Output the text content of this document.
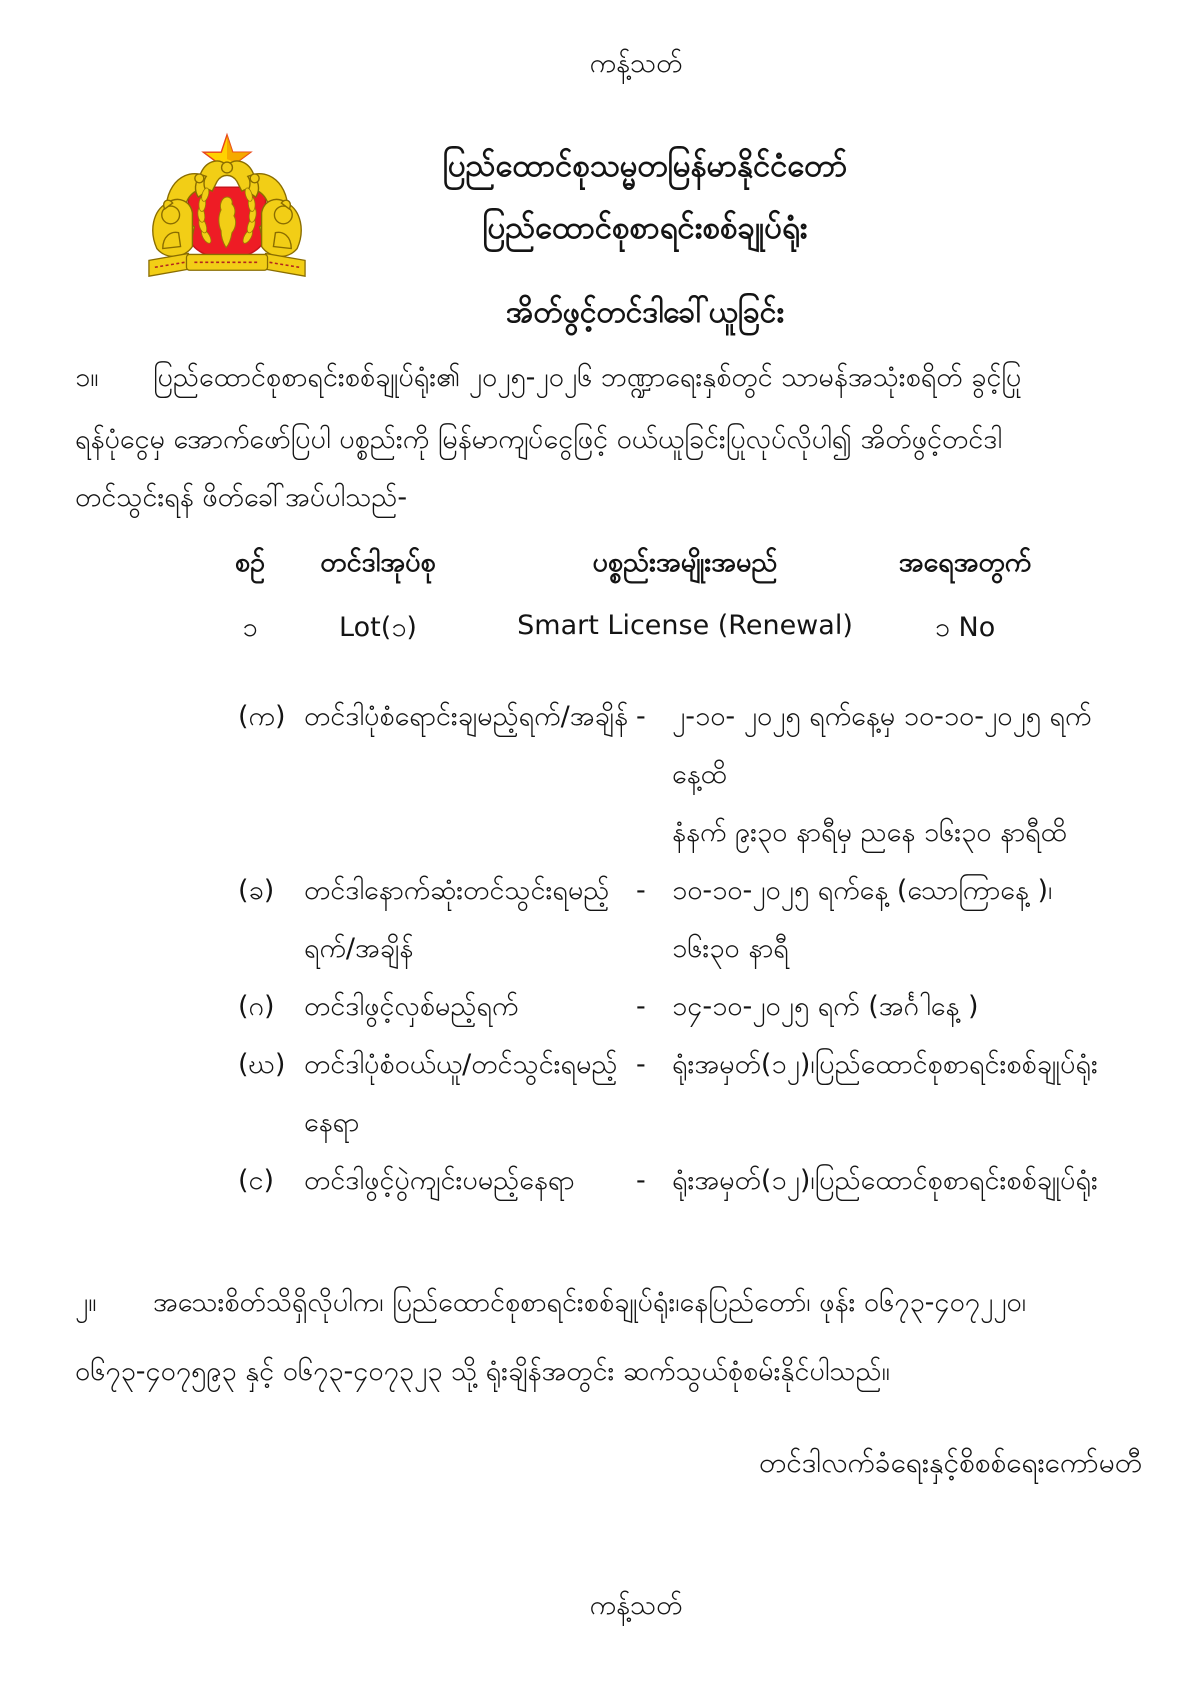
ကန့်သတ်
ပြည်ထောင်စုသမ္မတမြန်မာနိုင်ငံတော်
ပြည်ထောင်စုစာရင်းစစ်ချုပ်ရုံး
အိတ်ဖွင့်တင်ဒါခေါ်ယူခြင်း
၁။ ပြည်ထောင်စုစာရင်းစစ်ချုပ်ရုံး၏ ၂၀၂၅-၂၀၂၆ ဘဏ္ဍာရေးနှစ်တွင် သာမန်အသုံးစရိတ် ခွင့်ပြု
ရန်ပုံငွေမှ အောက်ဖော်ပြပါ ပစ္စည်းကို မြန်မာကျပ်ငွေဖြင့် ဝယ်ယူခြင်းပြုလုပ်လိုပါ၍ အိတ်ဖွင့်တင်ဒါ
တင်သွင်းရန် ဖိတ်ခေါ်အပ်ပါသည်-
စဉ် တင်ဒါအုပ်စု	ပစ္စည်းအမျိုးအမည်	အရေအတွက်
၁	Lot(၁)	Smart License (Renewal)	၁ No
(က) တင်ဒါပုံစံရောင်းချမည့်ရက်/အချိန် - ၂-၁၀- ၂၀၂၅ ရက်နေ့မှ ၁၀-၁၀-၂၀၂၅ ရက်
နေ့ထိ
နံနက် ၉း၃၀ နာရီမှ ညနေ ၁၆း၃၀ နာရီထိ
(ခ)	တင်ဒါနောက်ဆုံးတင်သွင်းရမည့်
ရက်/အချိန်
- ၁၀-၁၀-၂၀၂၅ ရက်နေ့ (သောကြာနေ့ )၊
၁၆း၃၀ နာရီ
(ဂ)	တင်ဒါဖွင့်လှစ်မည့်ရက်	- ၁၄-၁၀-၂၀၂၅ ရက် (အင်္ဂါနေ့ )
(ဃ) တင်ဒါပုံစံဝယ်ယူ/တင်သွင်းရမည့်
နေရာ
- ရုံးအမှတ်(၁၂)၊ပြည်ထောင်စုစာရင်းစစ်ချုပ်ရုံး
(င)	တင်ဒါဖွင့်ပွဲကျင်းပမည့်နေရာ	- ရုံးအမှတ်(၁၂)၊ပြည်ထောင်စုစာရင်းစစ်ချုပ်ရုံး
၂။ အသေးစိတ်သိရှိလိုပါက၊ ပြည်ထောင်စုစာရင်းစစ်ချုပ်ရုံး၊နေပြည်တော်၊ ဖုန်း ၀၆၇၃-၄၀၇၂၂၀၊
၀၆၇၃-၄၀၇၅၉၃ နှင့် ၀၆၇၃-၄၀၇၃၂၃ သို့ ရုံးချိန်အတွင်း ဆက်သွယ်စုံစမ်းနိုင်ပါသည်။
တင်ဒါလက်ခံရေးနှင့်စိစစ်ရေးကော်မတီ
ကန့်သတ်
